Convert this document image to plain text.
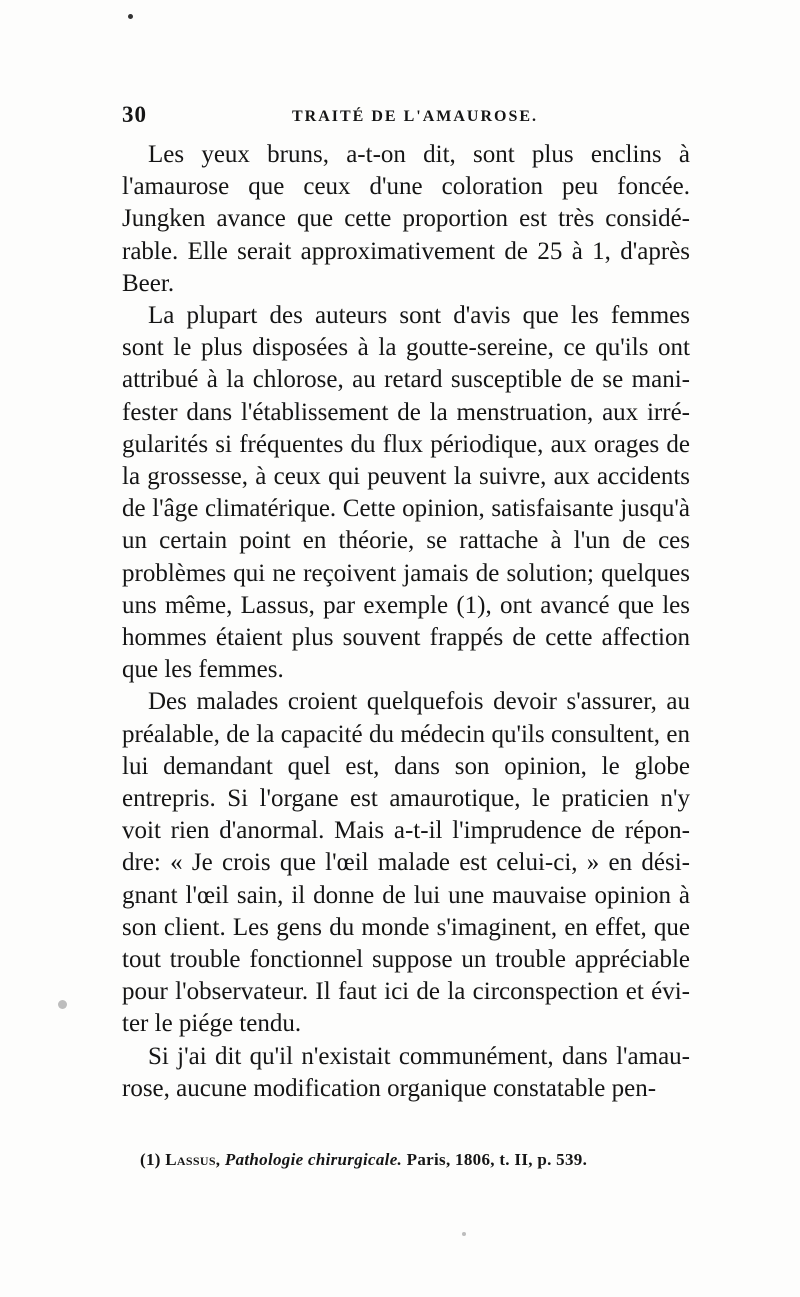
30	TRAITÉ DE L'AMAUROSE.

Les yeux bruns, a-t-on dit, sont plus enclins à l'amaurose que ceux d'une coloration peu foncée. Jungken avance que cette proportion est très considérable. Elle serait approximativement de 25 à 1, d'après Beer.

La plupart des auteurs sont d'avis que les femmes sont le plus disposées à la goutte-sereine, ce qu'ils ont attribué à la chlorose, au retard susceptible de se manifester dans l'établissement de la menstruation, aux irrégularités si fréquentes du flux périodique, aux orages de la grossesse, à ceux qui peuvent la suivre, aux accidents de l'âge climatérique. Cette opinion, satisfaisante jusqu'à un certain point en théorie, se rattache à l'un de ces problèmes qui ne reçoivent jamais de solution; quelques uns même, Lassus, par exemple (1), ont avancé que les hommes étaient plus souvent frappés de cette affection que les femmes.

Des malades croient quelquefois devoir s'assurer, au préalable, de la capacité du médecin qu'ils consultent, en lui demandant quel est, dans son opinion, le globe entrepris. Si l'organe est amaurotique, le praticien n'y voit rien d'anormal. Mais a-t-il l'imprudence de répondre: « Je crois que l'œil malade est celui-ci, » en désignant l'œil sain, il donne de lui une mauvaise opinion à son client. Les gens du monde s'imaginent, en effet, que tout trouble fonctionnel suppose un trouble appréciable pour l'observateur. Il faut ici de la circonspection et éviter le piége tendu.

Si j'ai dit qu'il n'existait communément, dans l'amaurose, aucune modification organique constatable pen-

(1) Lassus, Pathologie chirurgicale. Paris, 1806, t. II, p. 539.
